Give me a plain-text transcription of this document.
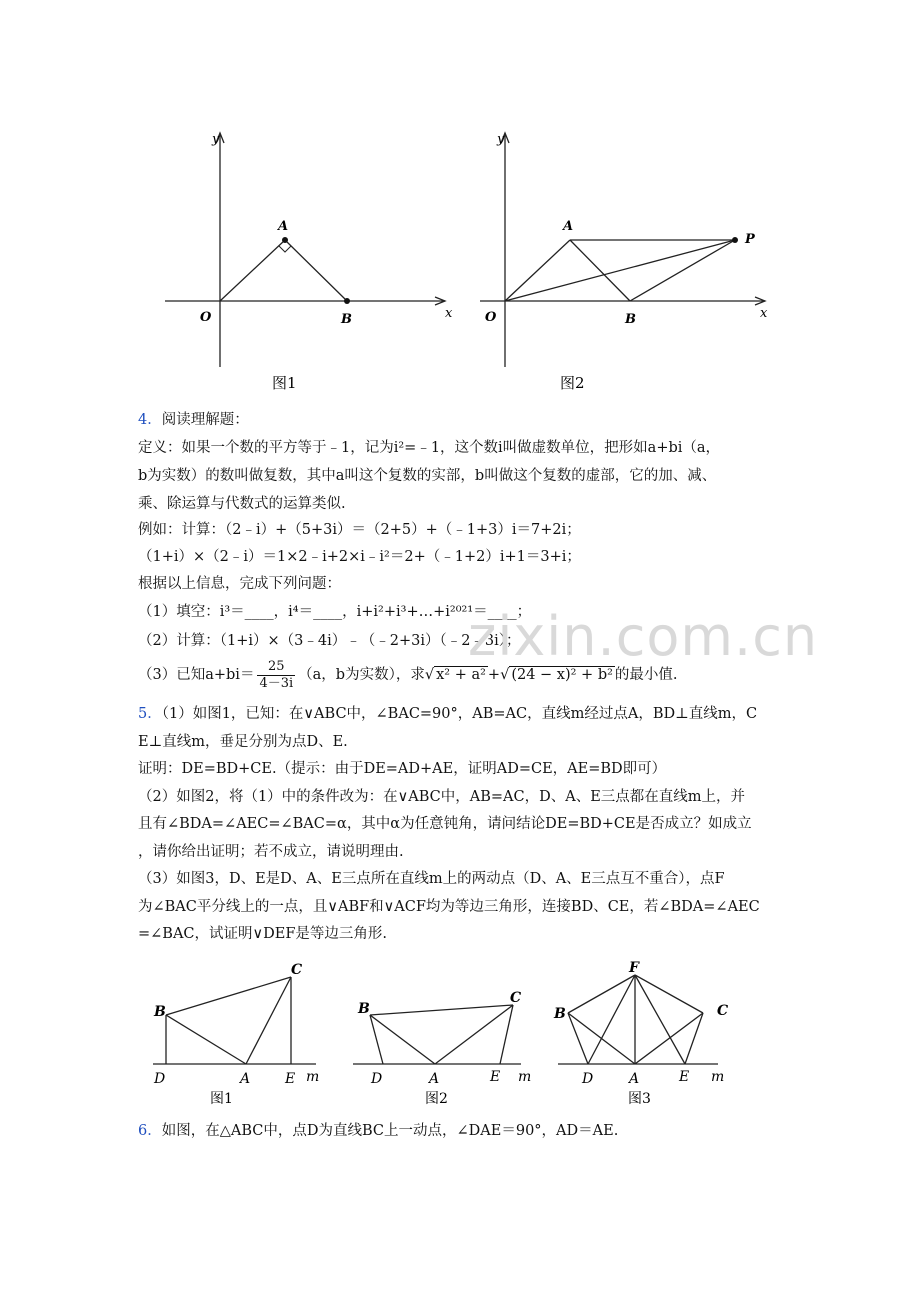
y
A
O	B	x
图1
y
A
P
O	B	x
图2
4．阅读理解题：
定义：如果一个数的平方等于﹣1，记为i²=﹣1，这个数i叫做虚数单位，把形如a+bi（a，
b为实数）的数叫做复数，其中a叫这个复数的实部，b叫做这个复数的虚部，它的加、减、
乘、除运算与代数式的运算类似.
例如：计算：（2﹣i）+（5+3i）＝（2+5）+（﹣1+3）i＝7+2i；
（1+i）×（2﹣i）＝1×2﹣i+2×i﹣i²＝2+（﹣1+2）i+1＝3+i；
根据以上信息，完成下列问题：
（1）填空：i³＝____，i⁴＝____，i+i²+i³+…+i²⁰²¹＝____；
（2）计算：（1+i）×（3﹣4i）﹣（﹣2+3i）（﹣2﹣3i）；
（3）已知$a+bi= \frac{25}{4-3i} (a$，b为实数），求√ x² + a² +√ (24 − x)² + b² 的最小值.
zixin.com.cn
5．（1）如图1，已知：在∨ABC中，∠BAC=90°，AB=AC，直线m经过点A，BD⊥直线m，C
E⊥直线m，垂足分别为点D、E.
证明：DE=BD+CE.（提示：由于DE=AD+AE，证明AD=CE，AE=BD即可）
（2）如图2，将（1）中的条件改为：在∨ABC中，AB=AC，D、A、E三点都在直线m上，并
且有∠BDA=∠AEC=∠BAC=α，其中α为任意钝角，请问结论DE=BD+CE是否成立？如成立
，请你给出证明；若不成立，请说明理由.
（3）如图3，D、E是D、A、E三点所在直线m上的两动点（D、A、E三点互不重合），点F
为∠BAC平分线上的一点，且∨ABF和∨ACF均为等边三角形，连接BD、CE，若∠BDA=∠AEC
=∠BAC，试证明∨DEF是等边三角形.
B
C
D	A E m
图1
B
C
D	A	E m
图2
F
B	C
D	A	E m
图3
6．如图，在△ABC中，点D为直线BC上一动点，∠DAE＝90°，AD＝AE.
